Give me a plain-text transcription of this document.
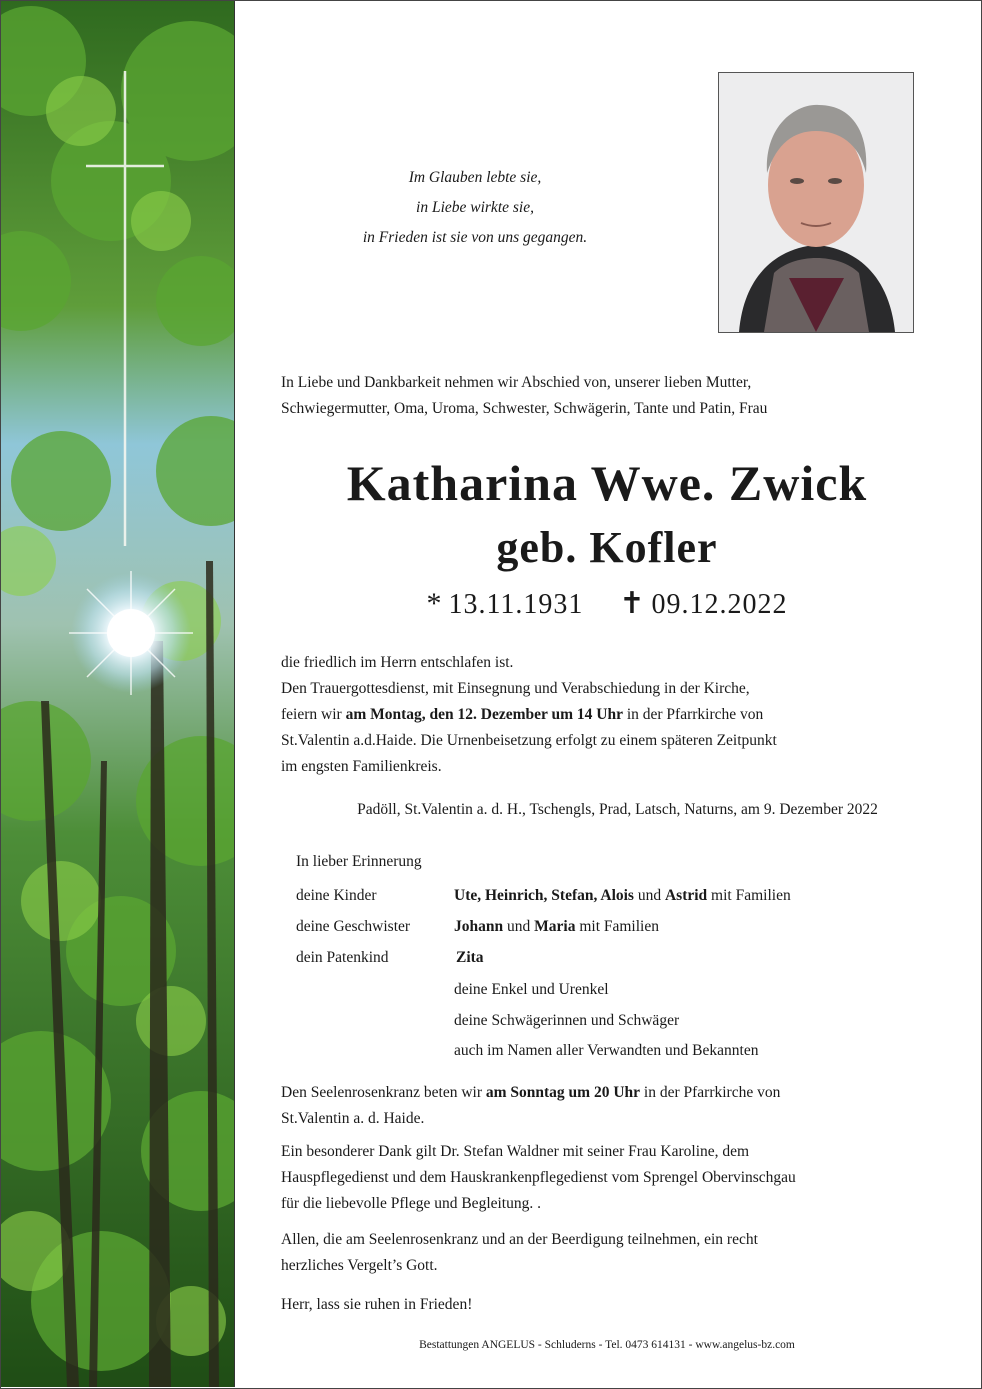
Im Glauben lebte sie,
in Liebe wirkte sie,
in Frieden ist sie von uns gegangen.
In Liebe und Dankbarkeit nehmen wir Abschied von, unserer lieben Mutter,
Schwiegermutter, Oma, Uroma, Schwester, Schwägerin, Tante und Patin, Frau
Katharina Wwe. Zwick
geb. Kofler
* 13.11.1931 ✝ 09.12.2022
die friedlich im Herrn entschlafen ist.
Den Trauergottesdienst, mit Einsegnung und Verabschiedung in der Kirche,
feiern wir am Montag, den 12. Dezember um 14 Uhr in der Pfarrkirche von
St.Valentin a.d.Haide. Die Urnenbeisetzung erfolgt zu einem späteren Zeitpunkt
im engsten Familienkreis.
Padöll, St.Valentin a. d. H., Tschengls, Prad, Latsch, Naturns, am 9. Dezember 2022
In lieber Erinnerung
deine Kinder	Ute, Heinrich, Stefan, Alois und Astrid mit Familien
deine Geschwister	Johann und Maria mit Familien
dein Patenkind	Zita
deine Enkel und Urenkel
deine Schwägerinnen und Schwäger
auch im Namen aller Verwandten und Bekannten
Den Seelenrosenkranz beten wir am Sonntag um 20 Uhr in der Pfarrkirche von
St.Valentin a. d. Haide.
Ein besonderer Dank gilt Dr. Stefan Waldner mit seiner Frau Karoline, dem
Hauspflegedienst und dem Hauskrankenpflegedienst vom Sprengel Obervinschgau
für die liebevolle Pflege und Begleitung. .
Allen, die am Seelenrosenkranz und an der Beerdigung teilnehmen, ein recht
herzliches Vergelt’s Gott.
Herr, lass sie ruhen in Frieden!
Bestattungen ANGELUS - Schluderns - Tel. 0473 614131 - www.angelus-bz.com
